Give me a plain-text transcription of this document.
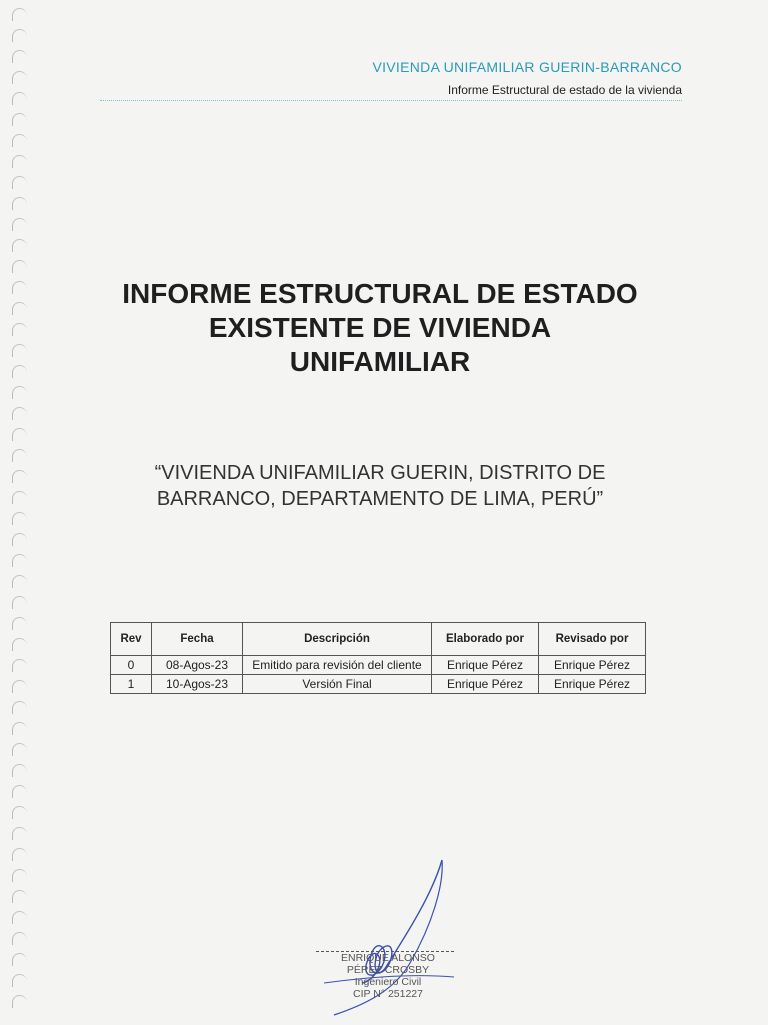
VIVIENDA UNIFAMILIAR GUERIN-BARRANCO
Informe Estructural de estado de la vivienda
INFORME ESTRUCTURAL DE ESTADO
EXISTENTE DE VIVIENDA
UNIFAMILIAR
“VIVIENDA UNIFAMILIAR GUERIN, DISTRITO DE
BARRANCO, DEPARTAMENTO DE LIMA, PERÚ”
Rev	Fecha	Descripción	Elaborado por	Revisado por
0	08-Agos-23	Emitido para revisión del cliente	Enrique Pérez	Enrique Pérez
1	10-Agos-23	Versión Final	Enrique Pérez	Enrique Pérez
ENRIQUE ALONSO
PÉREZ CROSBY
Ingeniero Civil
CIP N° 251227
